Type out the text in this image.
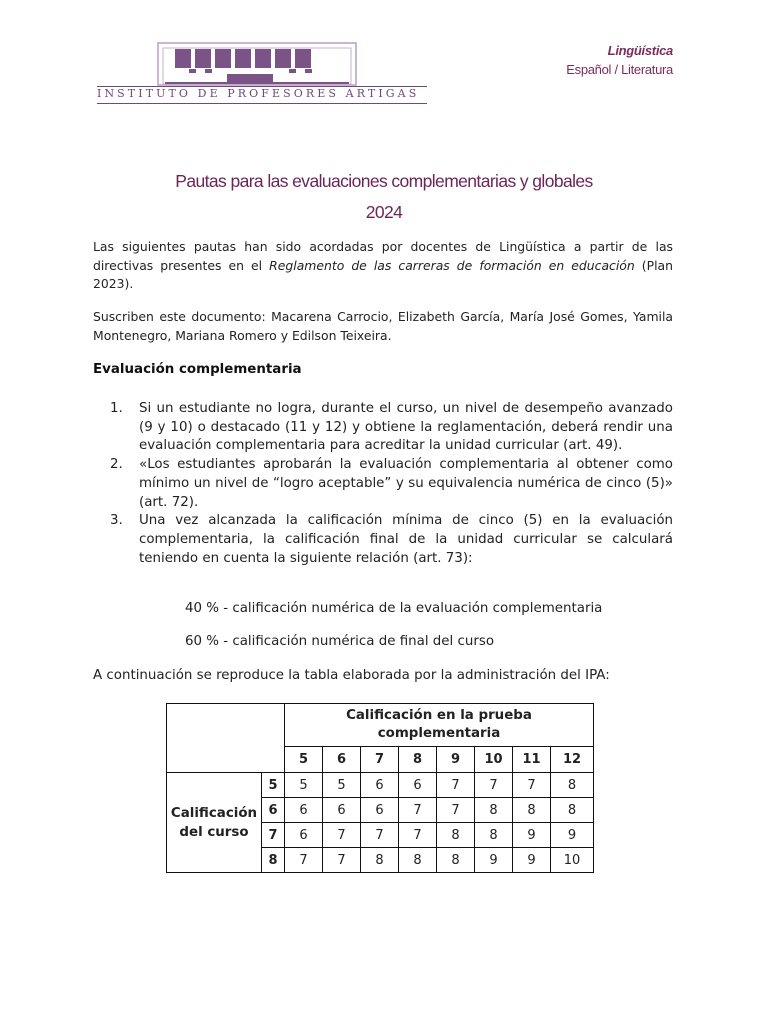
INSTITUTO DE PROFESORES ARTIGAS
Lingüística
Español / Literatura
Pautas para las evaluaciones complementarias y globales
2024
Las siguientes pautas han sido acordadas por docentes de Lingüística a partir de las directivas presentes en el Reglamento de las carreras de formación en educación (Plan 2023).
Suscriben este documento: Macarena Carrocio, Elizabeth García, María José Gomes, Yamila Montenegro, Mariana Romero y Edilson Teixeira.
Evaluación complementaria
1. Si un estudiante no logra, durante el curso, un nivel de desempeño avanzado (9 y 10) o destacado (11 y 12) y obtiene la reglamentación, deberá rendir una evaluación complementaria para acreditar la unidad curricular (art. 49).
2. «Los estudiantes aprobarán la evaluación complementaria al obtener como mínimo un nivel de “logro aceptable” y su equivalencia numérica de cinco (5)» (art. 72).
3. Una vez alcanzada la calificación mínima de cinco (5) en la evaluación complementaria, la calificación final de la unidad curricular se calculará teniendo en cuenta la siguiente relación (art. 73):
40 % - calificación numérica de la evaluación complementaria
60 % - calificación numérica de final del curso
A continuación se reproduce la tabla elaborada por la administración del IPA:
		Calificación en la prueba complementaria							
		5	6	7	8	9	10	11	12
Calificación del curso	5	5	5	6	6	7	7	7	8
	6	6	6	6	7	7	8	8	8
	7	6	7	7	7	8	8	9	9
	8	7	7	8	8	8	9	9	10
